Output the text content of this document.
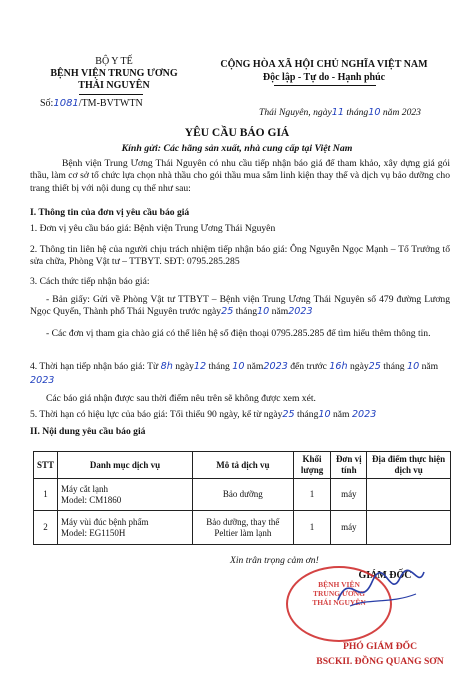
BỘ Y TẾ
BỆNH VIỆN TRUNG ƯƠNG
THÁI NGUYÊN
Số:1081/TM-BVTWTN
CỘNG HÒA XÃ HỘI CHỦ NGHĨA VIỆT NAM
Độc lập - Tự do - Hạnh phúc
Thái Nguyên, ngày11 tháng10 năm 2023
YÊU CẦU BÁO GIÁ
Kính gửi: Các hãng sản xuất, nhà cung cấp tại Việt Nam
Bệnh viện Trung Ương Thái Nguyên có nhu cầu tiếp nhận báo giá để tham khảo, xây dựng giá gói thầu, làm cơ sở tổ chức lựa chọn nhà thầu cho gói thầu mua sắm linh kiện thay thế và dịch vụ bảo dưỡng cho trang thiết bị với nội dung cụ thể như sau:
I. Thông tin của đơn vị yêu cầu báo giá
1. Đơn vị yêu cầu báo giá: Bệnh viện Trung Ương Thái Nguyên
2. Thông tin liên hệ của người chịu trách nhiệm tiếp nhận báo giá: Ông Nguyễn Ngọc Mạnh – Tổ Trưởng tổ sửa chữa, Phòng Vật tư – TTBYT. SĐT: 0795.285.285
3. Cách thức tiếp nhận báo giá:
- Bản giấy: Gửi về Phòng Vật tư TTBYT – Bệnh viện Trung Ương Thái Nguyên số 479 đường Lương Ngọc Quyến, Thành phố Thái Nguyên trước ngày25 tháng10 năm2023
- Các đơn vị tham gia chào giá có thể liên hệ số điện thoại 0795.285.285 để tìm hiểu thêm thông tin.
4. Thời hạn tiếp nhận báo giá: Từ 8h ngày12 tháng 10 năm2023 đến trước 16h ngày25 tháng 10 năm 2023
Các báo giá nhận được sau thời điểm nêu trên sẽ không được xem xét.
5. Thời hạn có hiệu lực của báo giá: Tối thiểu 90 ngày, kể từ ngày25 tháng10 năm 2023
II. Nội dung yêu cầu báo giá
STT	Danh mục dịch vụ	Mô tả dịch vụ	Khối lượng	Đơn vị tính	Địa điểm thực hiện dịch vụ
1	Máy cắt lạnh
Model: CM1860	Bảo dưỡng	1	máy	
2	Máy vùi đúc bệnh phẩm
Model: EG1150H	Bảo dưỡng, thay thế Peltier làm lạnh	1	máy	
Xin trân trọng cảm ơn!
GIÁM ĐỐC
BỆNH VIỆN
TRUNG ƯƠNG
THÁI NGUYÊN
PHÓ GIÁM ĐỐC
BSCKII. ĐỒNG QUANG SƠN
